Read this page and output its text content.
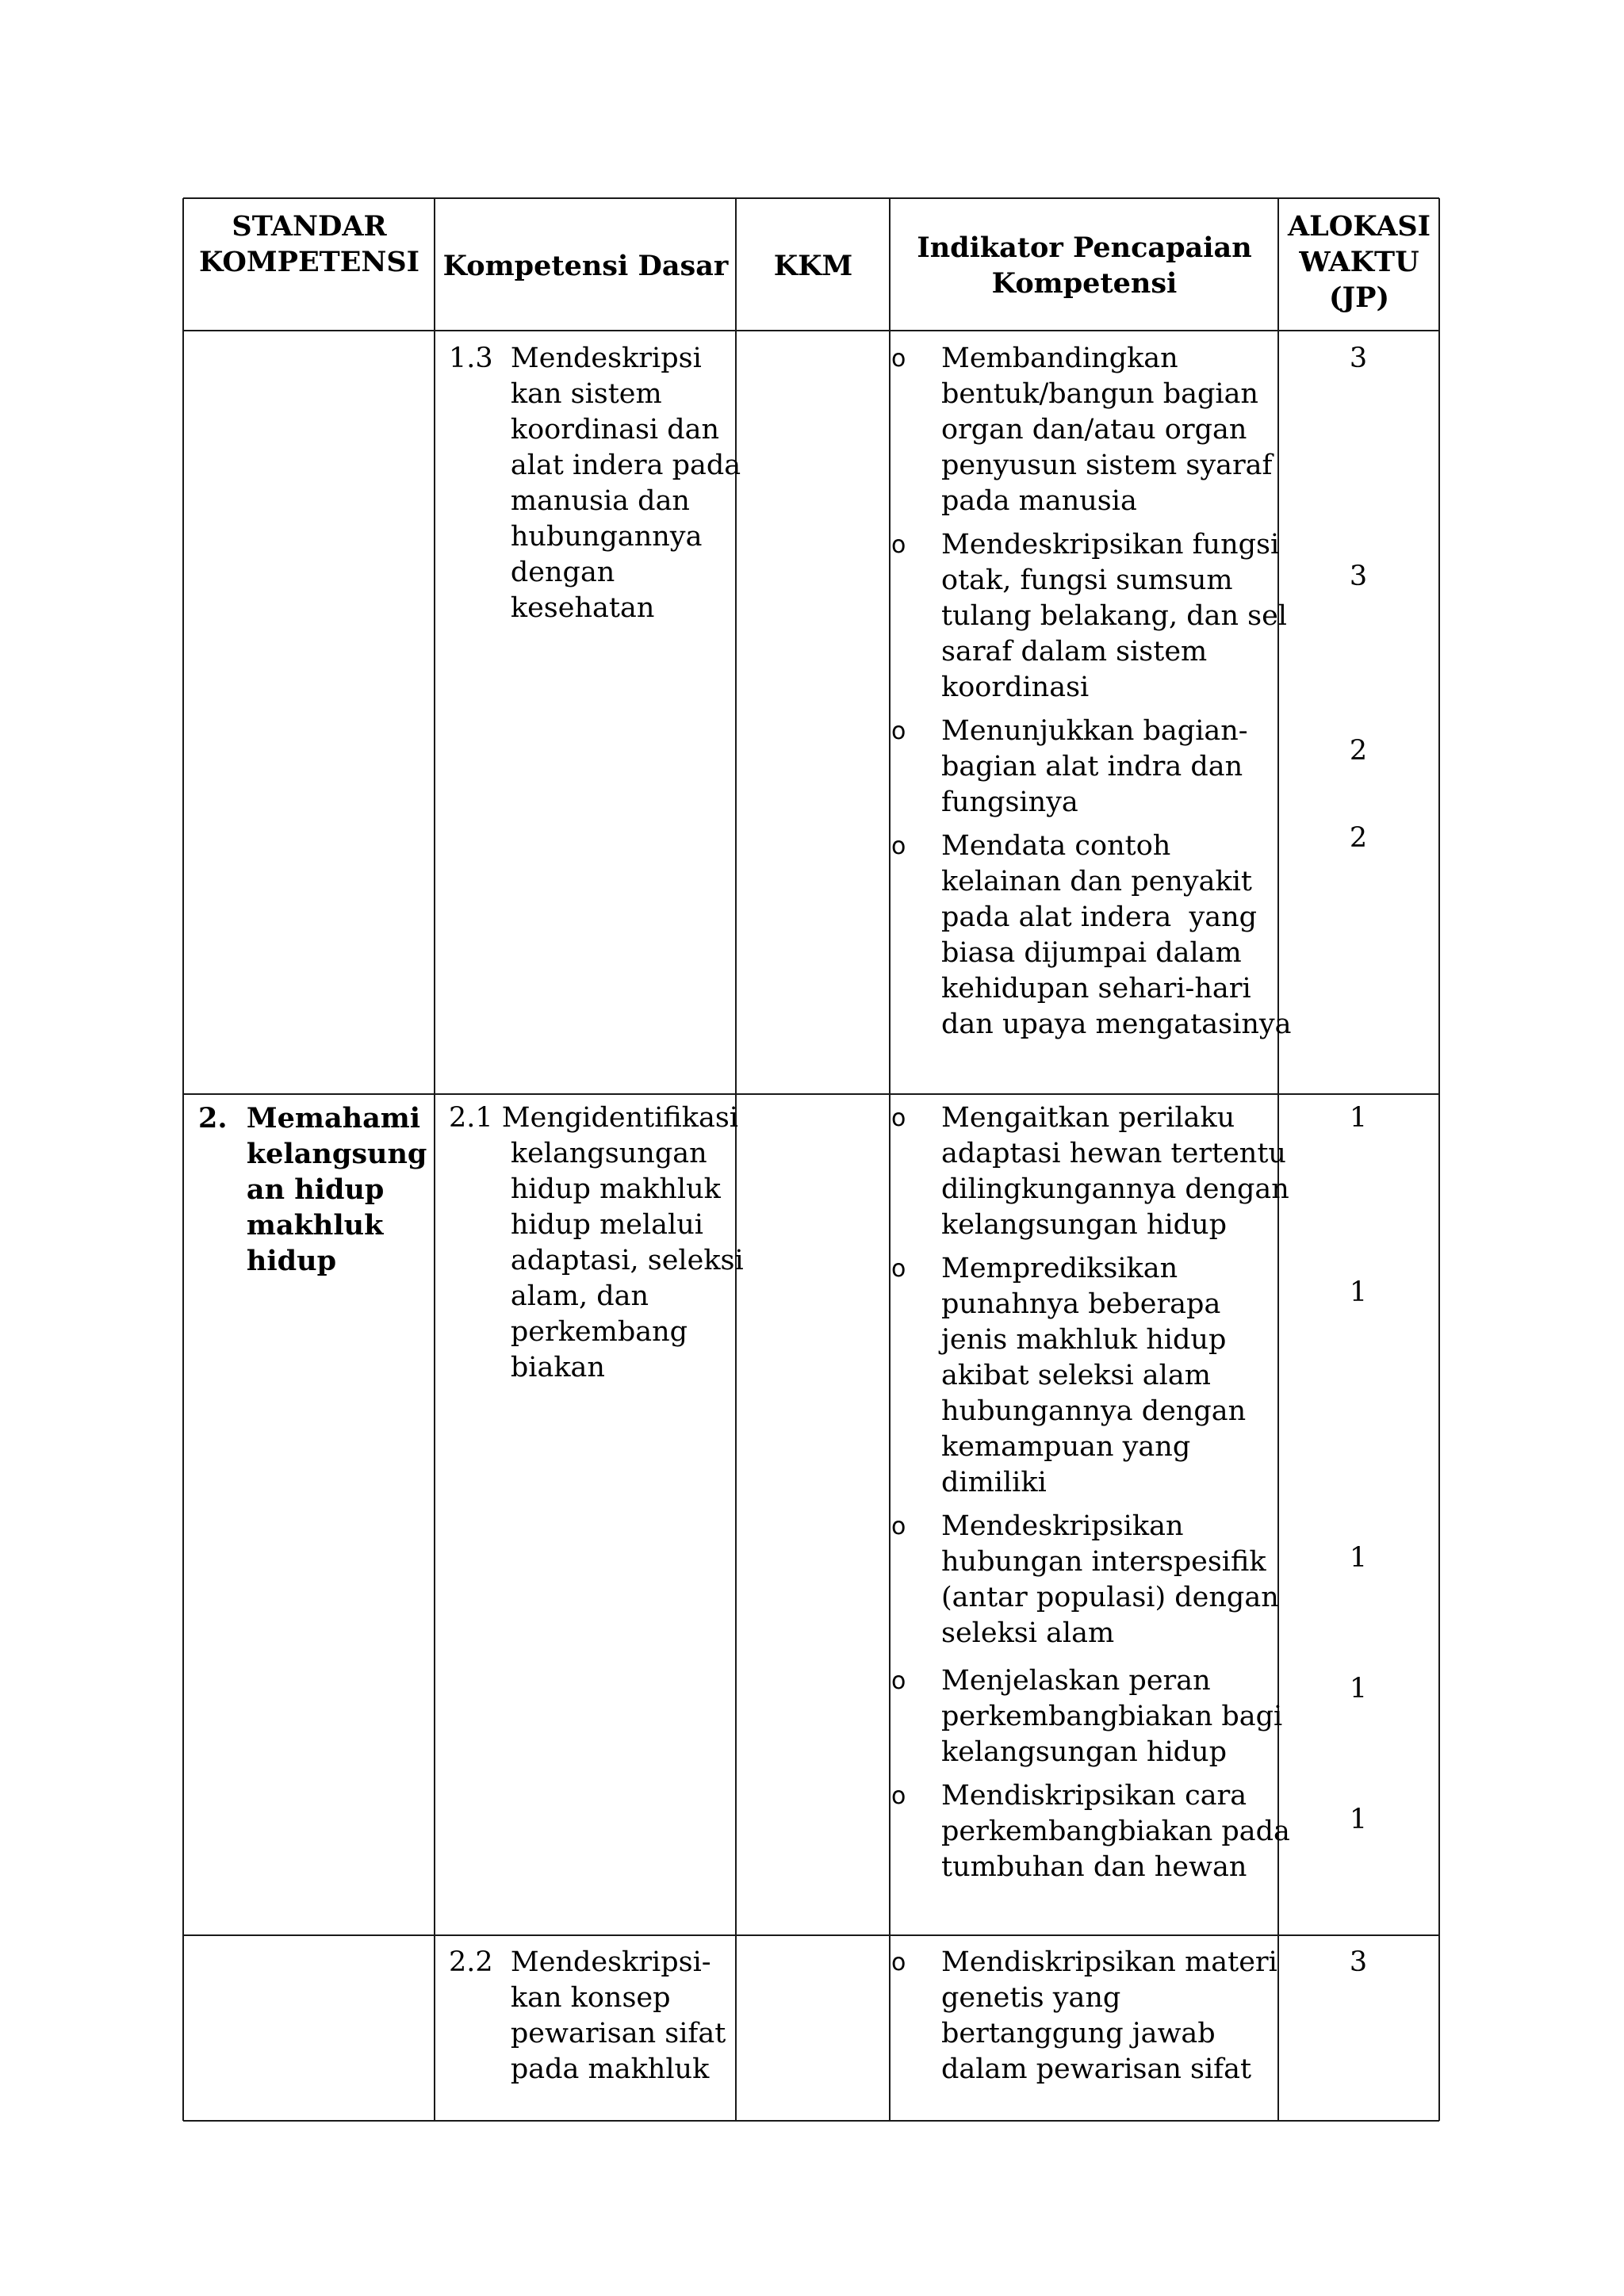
STANDAR
KOMPETENSI Kompetensi Dasar	KKM
Indikator Pencapaian
Kompetensi
ALOKASI
WAKTU
(JP)
1.3  Mendeskripsi
kan sistem
koordinasi dan
alat indera pada
manusia dan
hubungannya
dengan
kesehatan
o Membandingkan
bentuk/bangun bagian
organ dan/atau organ
penyusun sistem syaraf
pada manusia
o Mendeskripsikan fungsi
otak, fungsi sumsum
tulang belakang, dan sel
saraf dalam sistem
koordinasi
o Menunjukkan bagian-
bagian alat indra dan
fungsinya
o Mendata contoh
kelainan dan penyakit
pada alat indera  yang
biasa dijumpai dalam
kehidupan sehari-hari
dan upaya mengatasinya
3
3
2
2
2.  Memahami
kelangsung
an hidup
makhluk
hidup
2.1 Mengidentifikasi
kelangsungan
hidup makhluk
hidup melalui
adaptasi, seleksi
alam, dan
perkembang
biakan
o Mengaitkan perilaku
adaptasi hewan tertentu
dilingkungannya dengan
kelangsungan hidup
o Memprediksikan
punahnya beberapa
jenis makhluk hidup
akibat seleksi alam
hubungannya dengan
kemampuan yang
dimiliki
o Mendeskripsikan
hubungan interspesifik
(antar populasi) dengan
seleksi alam
o Menjelaskan peran
perkembangbiakan bagi
kelangsungan hidup
o Mendiskripsikan cara
perkembangbiakan pada
tumbuhan dan hewan
1
1
1
1
1
2.2  Mendeskripsi-
kan konsep
pewarisan sifat
pada makhluk
o Mendiskripsikan materi
genetis yang
bertanggung jawab
dalam pewarisan sifat
3
